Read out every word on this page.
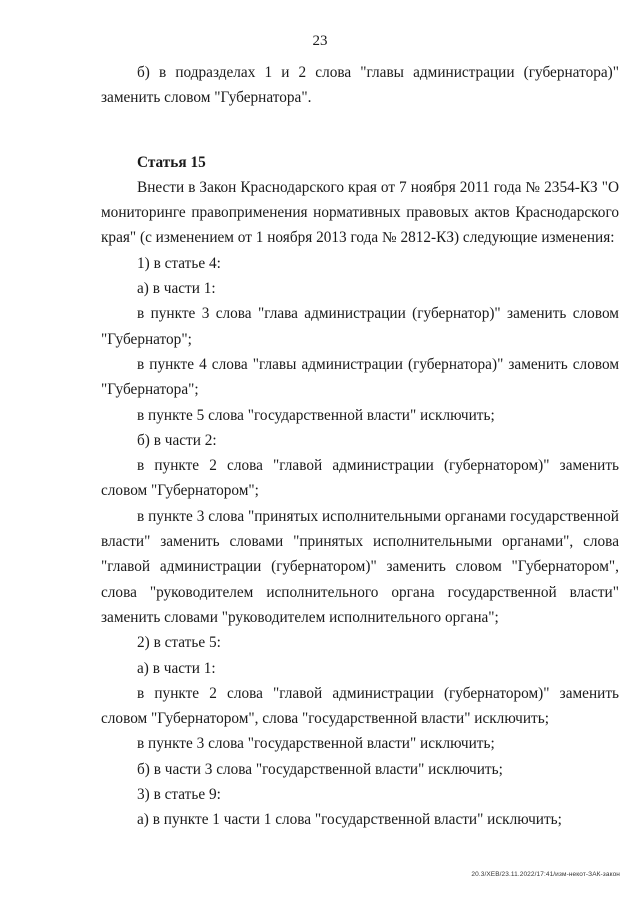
23

б) в подразделах 1 и 2 слова "главы администрации (губернатора)" заменить словом "Губернатора".

Статья 15

Внести в Закон Краснодарского края от 7 ноября 2011 года № 2354-КЗ "О мониторинге правоприменения нормативных правовых актов Краснодарского края" (с изменением от 1 ноября 2013 года № 2812-КЗ) следующие изменения:

1) в статье 4:

а) в части 1:

в пункте 3 слова "глава администрации (губернатор)" заменить словом "Губернатор";

в пункте 4 слова "главы администрации (губернатора)" заменить словом "Губернатора";

в пункте 5 слова "государственной власти" исключить;

б) в части 2:

в пункте 2 слова "главой администрации (губернатором)" заменить словом "Губернатором";

в пункте 3 слова "принятых исполнительными органами государственной власти" заменить словами "принятых исполнительными органами", слова "главой администрации (губернатором)" заменить словом "Губернатором", слова "руководителем исполнительного органа государственной власти" заменить словами "руководителем исполнительного органа";

2) в статье 5:

а) в части 1:

в пункте 2 слова "главой администрации (губернатором)" заменить словом "Губернатором", слова "государственной власти" исключить;

в пункте 3 слова "государственной власти" исключить;

б) в части 3 слова "государственной власти" исключить;

3) в статье 9:

а) в пункте 1 части 1 слова "государственной власти" исключить;

20.3/ХЕВ/23.11.2022/17:41/изм-некот-ЗАК-закон
